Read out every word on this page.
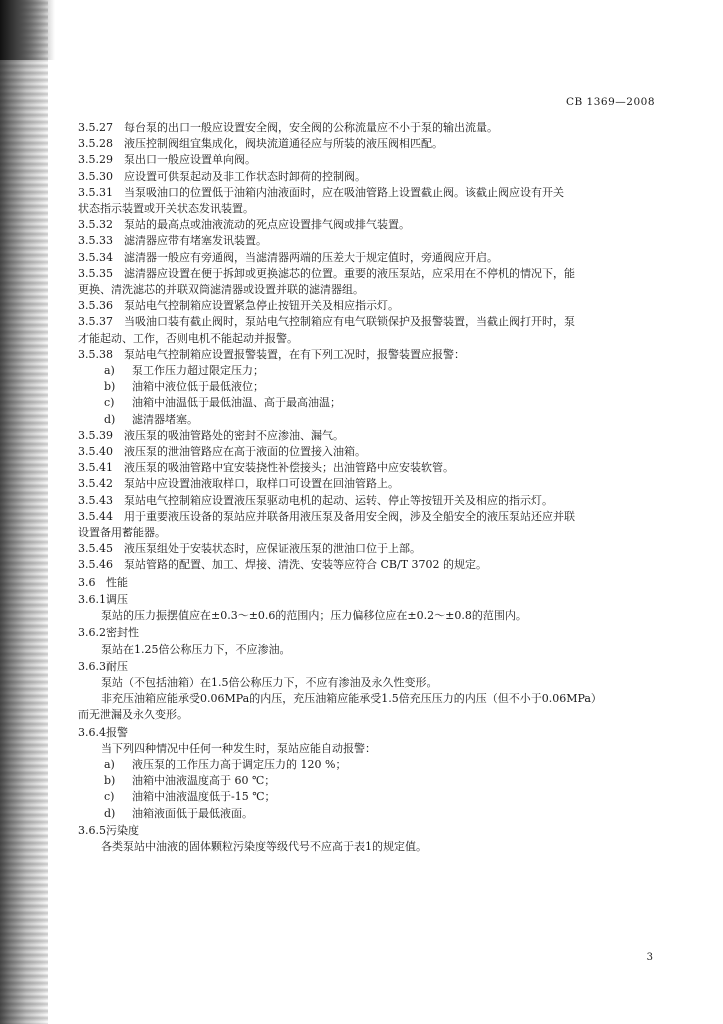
CB 1369—2008
3.5.27 每台泵的出口一般应设置安全阀，安全阀的公称流量应不小于泵的输出流量。
3.5.28 液压控制阀组宜集成化，阀块流道通径应与所装的液压阀相匹配。
3.5.29 泵出口一般应设置单向阀。
3.5.30 应设置可供泵起动及非工作状态时卸荷的控制阀。
3.5.31 当泵吸油口的位置低于油箱内油液面时，应在吸油管路上设置截止阀。该截止阀应设有开关
状态指示装置或开关状态发讯装置。
3.5.32 泵站的最高点或油液流动的死点应设置排气阀或排气装置。
3.5.33 滤清器应带有堵塞发讯装置。
3.5.34 滤清器一般应有旁通阀，当滤清器两端的压差大于规定值时，旁通阀应开启。
3.5.35 滤清器应设置在便于拆卸或更换滤芯的位置。重要的液压泵站，应采用在不停机的情况下，能
更换、清洗滤芯的并联双筒滤清器或设置并联的滤清器组。
3.5.36 泵站电气控制箱应设置紧急停止按钮开关及相应指示灯。
3.5.37 当吸油口装有截止阀时，泵站电气控制箱应有电气联锁保护及报警装置，当截止阀打开时，泵
才能起动、工作，否则电机不能起动并报警。
3.5.38 泵站电气控制箱应设置报警装置，在有下列工况时，报警装置应报警：
a) 泵工作压力超过限定压力；
b) 油箱中液位低于最低液位；
c) 油箱中油温低于最低油温、高于最高油温；
d) 滤清器堵塞。
3.5.39 液压泵的吸油管路处的密封不应渗油、漏气。
3.5.40 液压泵的泄油管路应在高于液面的位置接入油箱。
3.5.41 液压泵的吸油管路中宜安装挠性补偿接头；出油管路中应安装软管。
3.5.42 泵站中应设置油液取样口，取样口可设置在回油管路上。
3.5.43 泵站电气控制箱应设置液压泵驱动电机的起动、运转、停止等按钮开关及相应的指示灯。
3.5.44 用于重要液压设备的泵站应并联备用液压泵及备用安全阀，涉及全船安全的液压泵站还应并联
设置备用蓄能器。
3.5.45 液压泵组处于安装状态时，应保证液压泵的泄油口位于上部。
3.5.46 泵站管路的配置、加工、焊接、清洗、安装等应符合 CB/T 3702 的规定。
3.6 性能
3.6.1调压
泵站的压力振摆值应在±0.3～±0.6的范围内；压力偏移位应在±0.2～±0.8的范围内。
3.6.2密封性
泵站在1.25倍公称压力下，不应渗油。
3.6.3耐压
泵站（不包括油箱）在1.5倍公称压力下，不应有渗油及永久性变形。
非充压油箱应能承受0.06MPa的内压，充压油箱应能承受1.5倍充压压力的内压（但不小于0.06MPa）
而无泄漏及永久变形。
3.6.4报警
当下列四种情况中任何一种发生时，泵站应能自动报警：
a) 液压泵的工作压力高于调定压力的 120 %；
b) 油箱中油液温度高于 60 ℃；
c) 油箱中油液温度低于-15 ℃；
d) 油箱液面低于最低液面。
3.6.5污染度
各类泵站中油液的固体颗粒污染度等级代号不应高于表1的规定值。
3
